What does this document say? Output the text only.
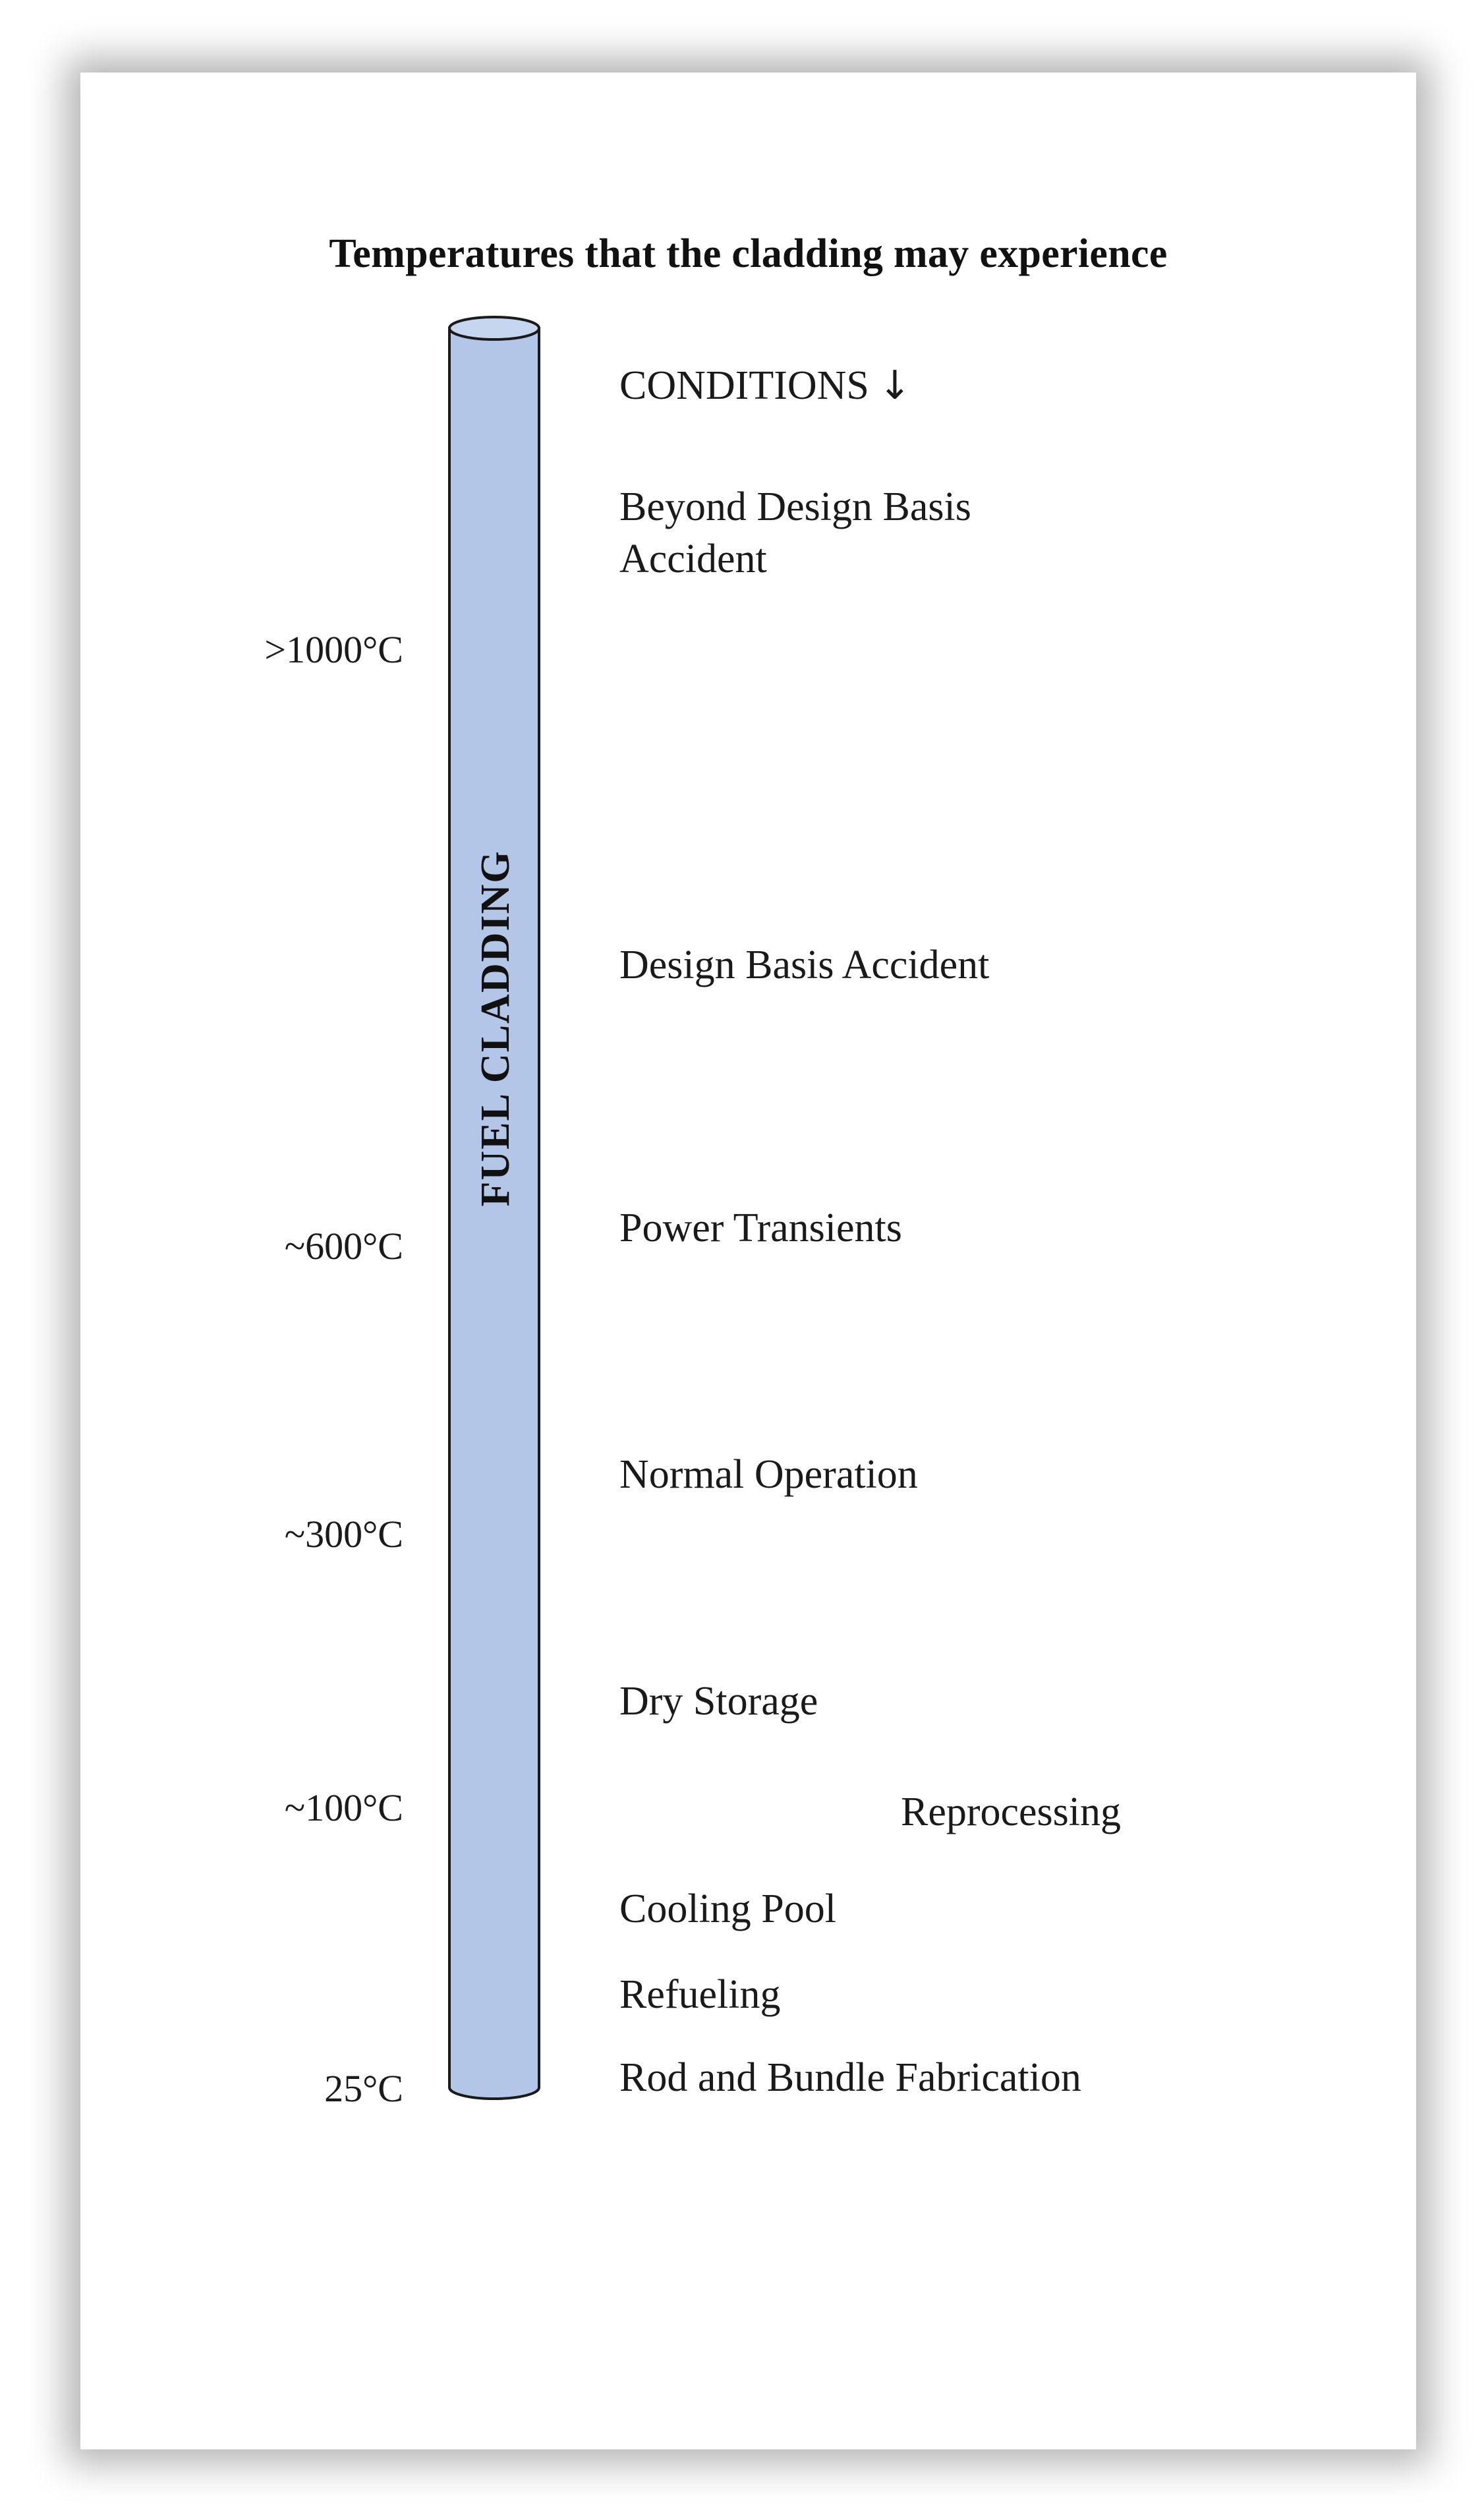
Temperatures that the cladding may experience
FUEL CLADDING
>1000°C
~600°C
~300°C
~100°C
25°C
CONDITIONS ↓
Beyond Design Basis
Accident
Design Basis Accident
Power Transients
Normal Operation
Dry Storage
Reprocessing
Cooling Pool
Refueling
Rod and Bundle Fabrication
